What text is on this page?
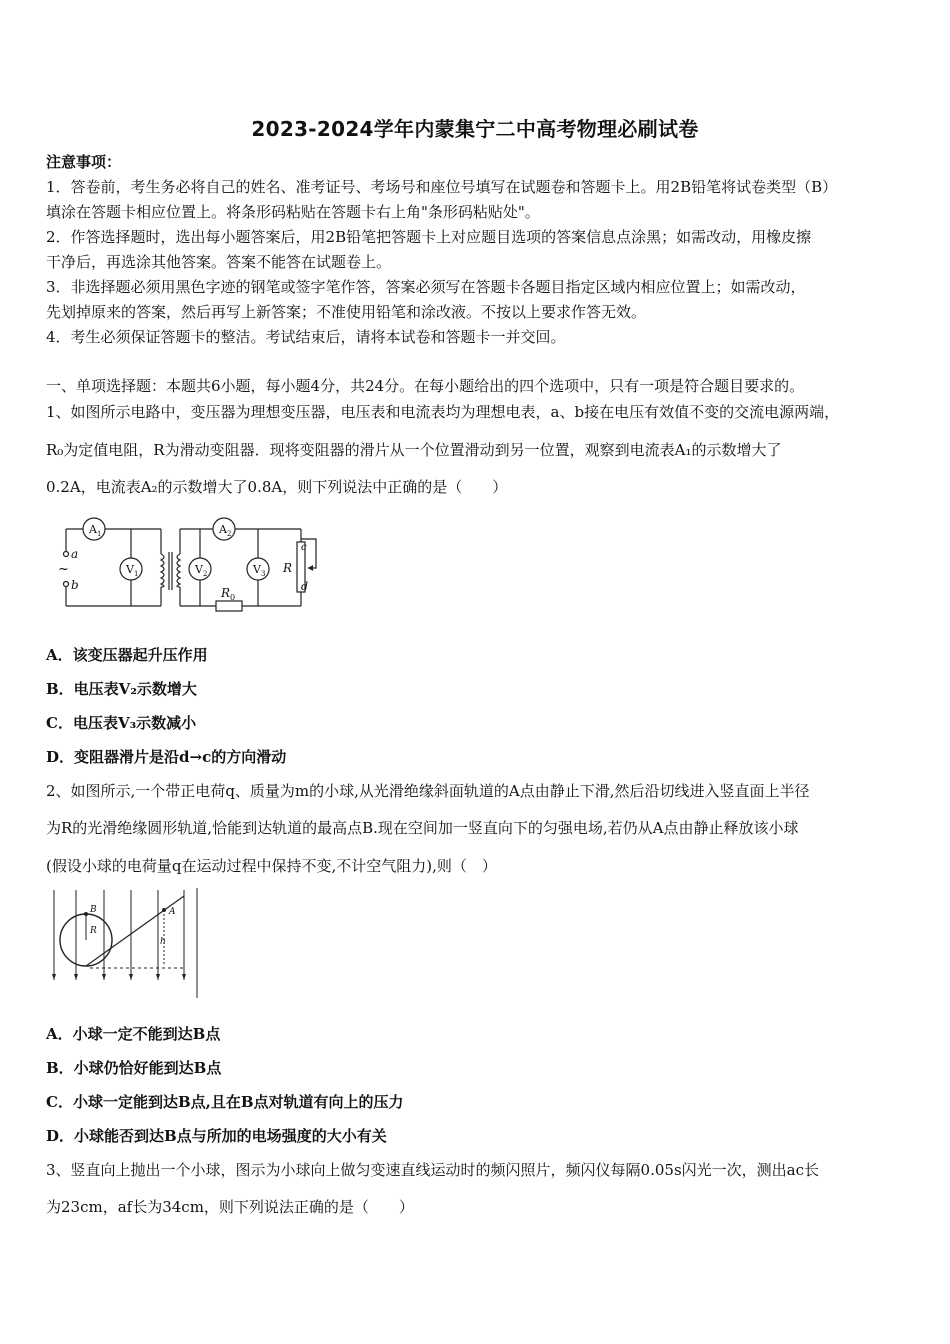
2023-2024学年内蒙集宁二中高考物理必刷试卷
注意事项：
1．答卷前，考生务必将自己的姓名、准考证号、考场号和座位号填写在试题卷和答题卡上。用2B铅笔将试卷类型（B）
填涂在答题卡相应位置上。将条形码粘贴在答题卡右上角"条形码粘贴处"。
2．作答选择题时，选出每小题答案后，用2B铅笔把答题卡上对应题目选项的答案信息点涂黑；如需改动，用橡皮擦
干净后，再选涂其他答案。答案不能答在试题卷上。
3．非选择题必须用黑色字迹的钢笔或签字笔作答，答案必须写在答题卡各题目指定区域内相应位置上；如需改动，
先划掉原来的答案，然后再写上新答案；不准使用铅笔和涂改液。不按以上要求作答无效。
4．考生必须保证答题卡的整洁。考试结束后，请将本试卷和答题卡一并交回。
一、单项选择题：本题共6小题，每小题4分，共24分。在每小题给出的四个选项中，只有一项是符合题目要求的。
1、如图所示电路中，变压器为理想变压器，电压表和电流表均为理想电表，a、b接在电压有效值不变的交流电源两端，
R₀为定值电阻，R为滑动变阻器．现将变阻器的滑片从一个位置滑动到另一位置，观察到电流表A₁的示数增大了
0.2A，电流表A₂的示数增大了0.8A，则下列说法中正确的是（　　）
$A_1$	$A_2$
$V_1$	$V_2$	$V_3$
a
b
R
$R_0$
c
d
~
A．该变压器起升压作用
B．电压表V₂示数增大
C．电压表V₃示数减小
D．变阻器滑片是沿d→c的方向滑动
2、如图所示,一个带正电荷q、质量为m的小球,从光滑绝缘斜面轨道的A点由静止下滑,然后沿切线进入竖直面上半径
为R的光滑绝缘圆形轨道,恰能到达轨道的最高点B.现在空间加一竖直向下的匀强电场,若仍从A点由静止释放该小球
(假设小球的电荷量q在运动过程中保持不变,不计空气阻力),则（　）
B
R
A
h
A．小球一定不能到达B点
B．小球仍恰好能到达B点
C．小球一定能到达B点,且在B点对轨道有向上的压力
D．小球能否到达B点与所加的电场强度的大小有关
3、竖直向上抛出一个小球，图示为小球向上做匀变速直线运动时的频闪照片，频闪仪每隔0.05s闪光一次，测出ac长
为23cm，af长为34cm，则下列说法正确的是（　　）
